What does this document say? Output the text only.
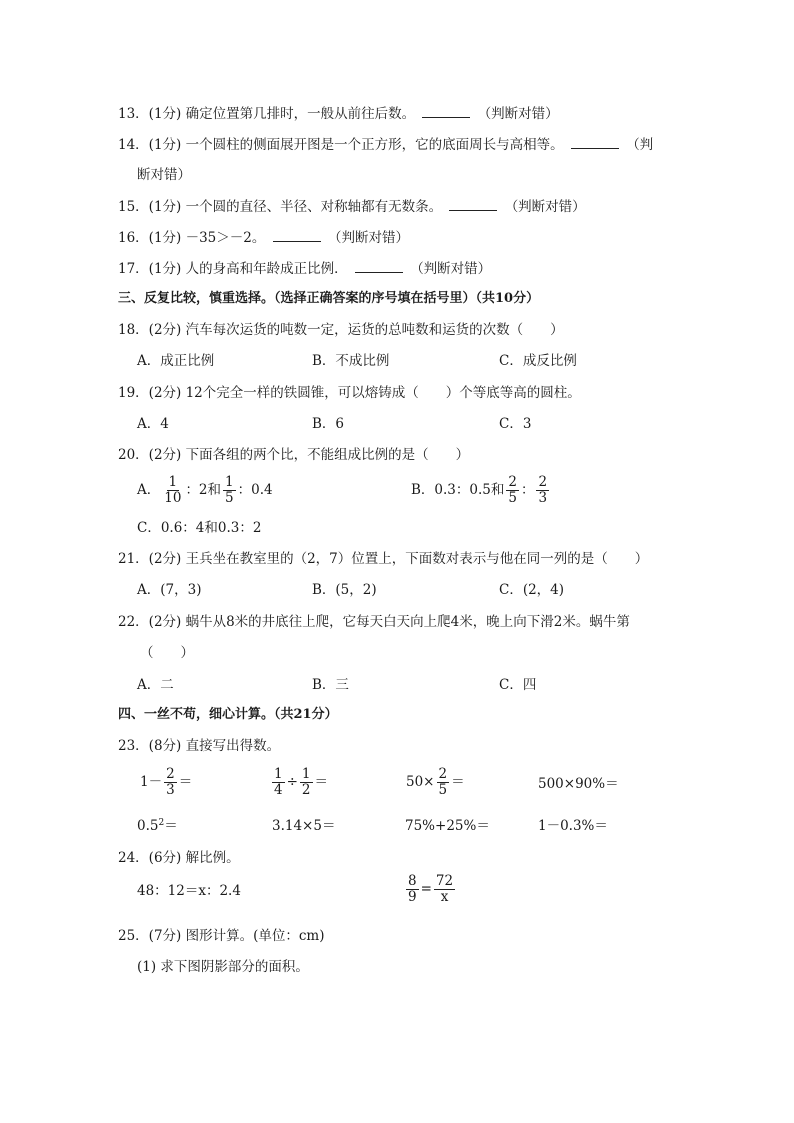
13．(1分) 确定位置第几排时，一般从前往后数。	（判断对错）
14．(1分) 一个圆柱的侧面展开图是一个正方形，它的底面周长与高相等。	（判
断对错）
15．(1分) 一个圆的直径、半径、对称轴都有无数条。	（判断对错）
16．(1分) －35＞－2。	（判断对错）
17．(1分) 人的身高和年龄成正比例．	（判断对错）
三、反复比较，慎重选择。（选择正确答案的序号填在括号里）（共10分）
18．(2分) 汽车每次运货的吨数一定，运货的总吨数和运货的次数（　　）
A．成正比例	B．不成比例	C．成反比例
19．(2分) 12个完全一样的铁圆锥，可以熔铸成（　　）个等底等高的圆柱。
A．4	B．6	C．3
20．(2分) 下面各组的两个比，不能组成比例的是（　　）
A． $\frac{1}{10}$ ：2和 $\frac{1}{5}$ ：0.4	B．0.3：0.5和 $\frac{2}{5}$ ： $\frac{2}{3}$
C．0.6：4和0.3：2
21．(2分) 王兵坐在教室里的（2，7）位置上，下面数对表示与他在同一列的是（　　）
A．(7，3)	B．(5，2)	C．(2，4)
22．(2分) 蜗牛从8米的井底往上爬，它每天白天向上爬4米，晚上向下滑2米。蜗牛第
（　　）
A．二	B．三	C．四
四、一丝不苟，细心计算。（共21分）
23．(8分) 直接写出得数。
$1- \frac{2}{3}$ ＝	$\frac{1}{4} \div \frac{1}{2}$ ＝	$50\times \frac{2}{5}$ ＝	500×90%＝
$0.5^2=$	3.14×5＝	75%+25%＝	1－0.3%＝
24．(6分) 解比例。
48：12＝x：2.4	$\frac{8}{9} = \frac{72}{x}$
25．(7分) 图形计算。(单位：cm)
(1) 求下图阴影部分的面积。
